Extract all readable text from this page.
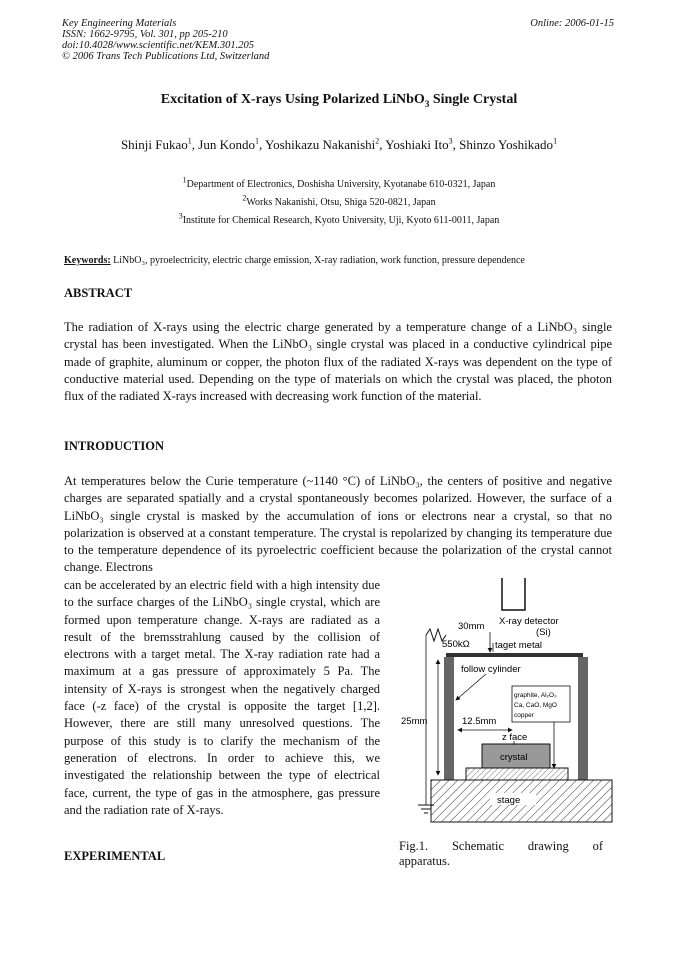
Key Engineering Materials
ISSN: 1662-9795, Vol. 301, pp 205-210
doi:10.4028/www.scientific.net/KEM.301.205
© 2006 Trans Tech Publications Ltd, Switzerland
Online: 2006-01-15
Excitation of X-rays Using Polarized LiNbO$_3$ Single Crystal
Shinji Fukao$^1$, Jun Kondo$^1$, Yoshikazu Nakanishi$^2$, Yoshiaki Ito$^3$, Shinzo Yoshikado$^1$
$^1$Department of Electronics, Doshisha University, Kyotanabe 610-0321, Japan
$^2$Works Nakanishi, Otsu, Shiga 520-0821, Japan
$^3$Institute for Chemical Research, Kyoto University, Uji, Kyoto 611-0011, Japan
Keywords: LiNbO₃, pyroelectricity, electric charge emission, X-ray radiation, work function, pressure dependence
ABSTRACT

The radiation of X-rays using the electric charge generated by a temperature change of a LiNbO₃ single crystal has been investigated. When the LiNbO₃ single crystal was placed in a conductive cylindrical pipe made of graphite, aluminum or copper, the photon flux of the radiated X-rays was dependent on the type of conductive material used. Depending on the type of materials on which the crystal was placed, the photon flux of the radiated X-rays increased with decreasing work function of the material.

INTRODUCTION

At temperatures below the Curie temperature (~1140 °C) of LiNbO₃, the centers of positive and negative charges are separated spatially and a crystal spontaneously becomes polarized. However, the surface of a LiNbO₃ single crystal is masked by the accumulation of ions or electrons near a crystal, so that no polarization is observed at a constant temperature. The crystal is repolarized by changing its temperature due to the temperature dependence of its pyroelectric coefficient because the polarization of the crystal cannot change. Electrons

can be accelerated by an electric field with a high intensity due to the surface charges of the LiNbO₃ single crystal, which are formed upon temperature change. X-rays are radiated as a result of the bremsstrahlung caused by the collision of electrons with a target metal. The X-ray radiation rate had a maximum at a gas pressure of approximately 5 Pa. The intensity of X-rays is strongest when the negatively charged face (-z face) of the crystal is opposite the target [1,2]. However, there are still many unresolved questions. The purpose of this study is to clarify the mechanism of the generation of electrons. In order to achieve this, we investigated the relationship between the type of electrical face, current, the type of gas in the atmosphere, gas pressure and the radiation rate of X-rays.

EXPERIMENTAL
30mm X-ray detector
(Si)
550kΩ	taget metal
follow cylinder
graphite, Al₂O₃
Ca, CaO, MgO
copper
25mm	12.5mm
z face
crystal
stage
Fig.1. Schematic drawing of
apparatus.
